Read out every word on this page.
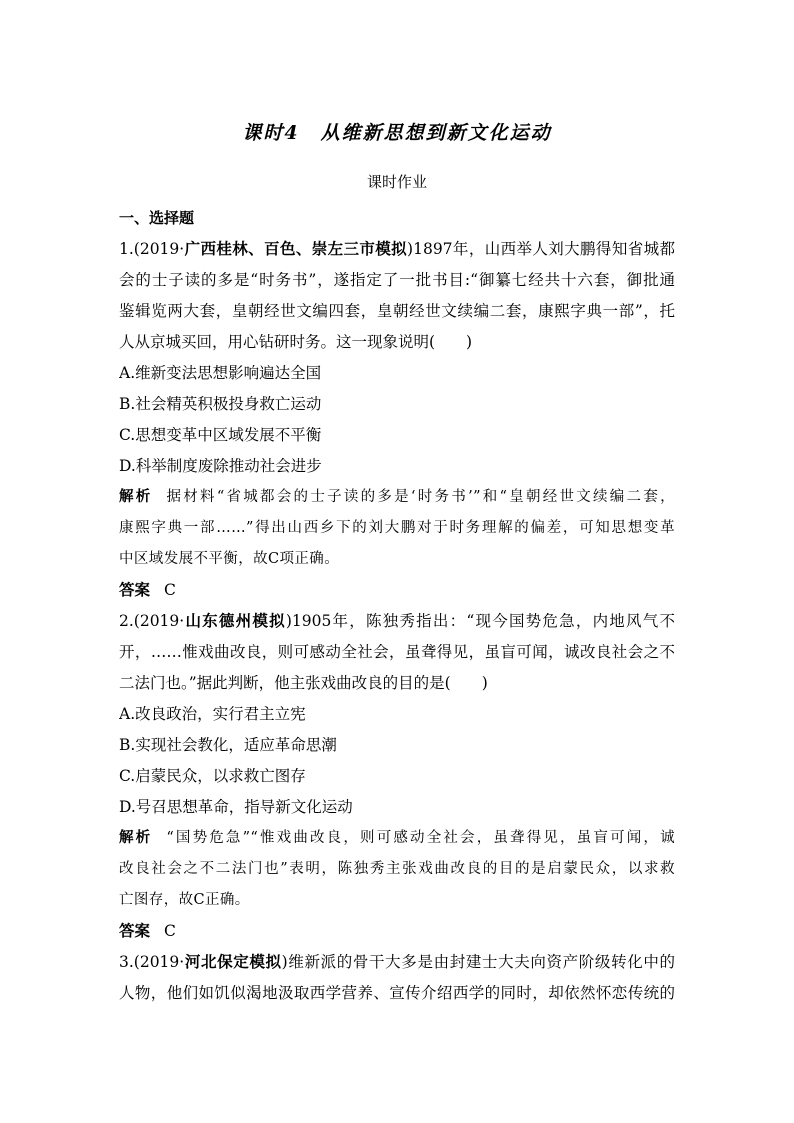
课时4　从维新思想到新文化运动
课时作业
一、选择题
1.(2019·广西桂林、百色、崇左三市模拟)1897年，山西举人刘大鹏得知省城都
会的士子读的多是“时务书”，遂指定了一批书目:“御纂七经共十六套，御批通
鉴辑览两大套，皇朝经世文编四套，皇朝经世文续编二套，康熙字典一部”，托
人从京城买回，用心钻研时务。这一现象说明(　　)
A.维新变法思想影响遍达全国
B.社会精英积极投身救亡运动
C.思想变革中区域发展不平衡
D.科举制度废除推动社会进步
解析 据材料“省城都会的士子读的多是‘时务书’”和“皇朝经世文续编二套，
康熙字典一部……”得出山西乡下的刘大鹏对于时务理解的偏差，可知思想变革
中区域发展不平衡，故C项正确。
答案 C
2.(2019·山东德州模拟)1905年，陈独秀指出：“现今国势危急，内地风气不
开，……惟戏曲改良，则可感动全社会，虽聋得见，虽盲可闻，诚改良社会之不
二法门也。”据此判断，他主张戏曲改良的目的是(　　)
A.改良政治，实行君主立宪
B.实现社会教化，适应革命思潮
C.启蒙民众，以求救亡图存
D.号召思想革命，指导新文化运动
解析 “国势危急”“惟戏曲改良，则可感动全社会，虽聋得见，虽盲可闻，诚
改良社会之不二法门也”表明，陈独秀主张戏曲改良的目的是启蒙民众，以求救
亡图存，故C正确。
答案 C
3.(2019·河北保定模拟)维新派的骨干大多是由封建士大夫向资产阶级转化中的
人物，他们如饥似渴地汲取西学营养、宣传介绍西学的同时，却依然怀恋传统的
